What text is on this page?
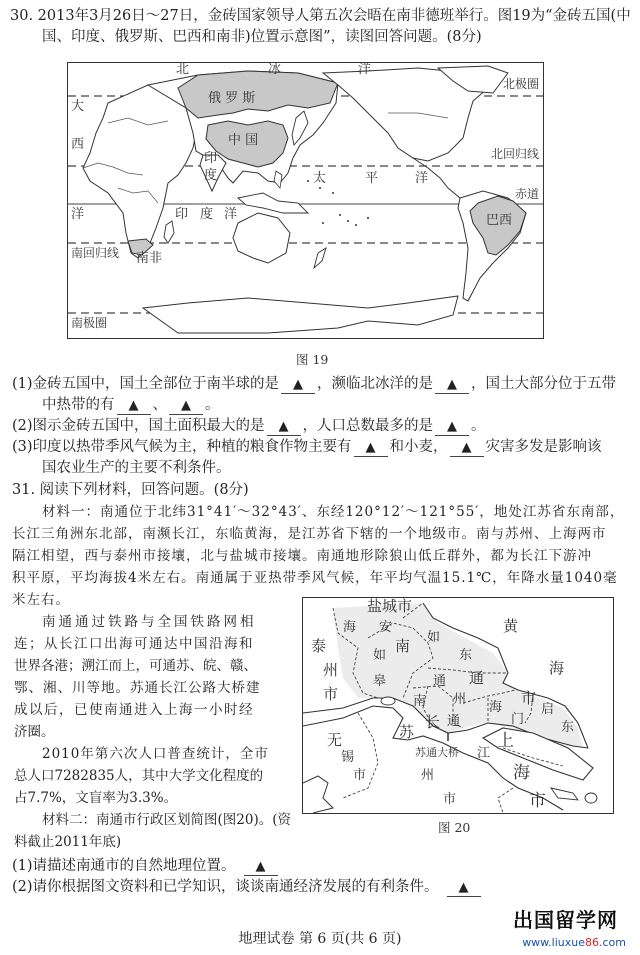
30. 2013年3月26日～27日，金砖国家领导人第五次会晤在南非德班举行。图19为“金砖五国(中
国、印度、俄罗斯、巴西和南非)位置示意图”，读图回答问题。(8分)
北	冰	洋
大
西
洋
太	平	洋
印 度 洋
北极圈
北回归线
赤道
南回归线
南极圈
俄 罗 斯
中 国
印
度
南非
巴西
图 19
(1)金砖五国中，国土全部位于南半球的是 ▲ ，濒临北冰洋的是 ▲ ，国土大部分位于五带
中热带的有 ▲ 、 ▲ 。
(2)图示金砖五国中，国土面积最大的是 ▲ ，人口总数最多的是 ▲ 。
(3)印度以热带季风气候为主，种植的粮食作物主要有 ▲ 和小麦， ▲ 灾害多发是影响该
国农业生产的主要不利条件。
31. 阅读下列材料，回答问题。(8分)
材料一：南通位于北纬31°41′～32°43′、东经120°12′～121°55′，地处江苏省东南部，
长江三角洲东北部，南濒长江，东临黄海，是江苏省下辖的一个地级市。南与苏州、上海两市
隔江相望，西与泰州市接壤，北与盐城市接壤。南通地形除狼山低丘群外，都为长江下游冲
积平原，平均海拔4米左右。南通属于亚热带季风气候，年平均气温15.1℃，年降水量1040毫
米左右。
南通通过铁路与全国铁路网相
连；从长江口出海可通达中国沿海和
世界各港；溯江而上，可通苏、皖、赣、
鄂、湘、川等地。苏通长江公路大桥建
成以后，已使南通进入上海一小时经
济圈。
2010年第六次人口普查统计，全市
总人口7282835人，其中大学文化程度的
占7.7%，文盲率为3.3%。
材料二：南通市行政区划简图(图20)。(资
料截止2011年底)
盐城市
海 安
泰
州
市
如
皋
南
通
市
如
东
通
州
南
通
海
门
启
东
黄
海
无
锡
市
苏
州
市
长
江
苏通大桥
上
海
市
图 20
(1)请描述南通市的自然地理位置。 ▲
(2)请你根据图文资料和已学知识，谈谈南通经济发展的有利条件。 ▲
地理试卷 第 6 页(共 6 页)
出国留学网
www.liuxue86.com
